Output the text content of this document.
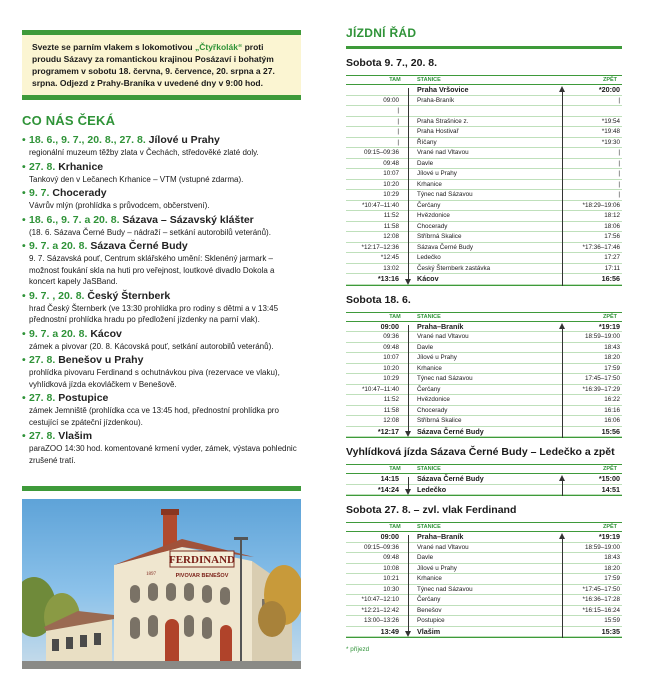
Svezte se parním vlakem s lokomotivou „Čtyřkolák“ proti proudu Sázavy za romantickou krajinou Posázaví i bohatým programem v sobotu 18. června, 9. července, 20. srpna a 27. srpna. Odjezd z Prahy-Braníka v uvedené dny v 9:00 hod.
CO NÁS ČEKÁ
• 18. 6., 9. 7., 20. 8., 27. 8. Jílové u Prahy
regionální muzeum těžby zlata v Čechách, středověké zlaté doly.
• 27. 8. Krhanice
Tankový den v Lečanech Krhanice – VTM (vstupné zdarma).
• 9. 7. Chocerady
Vávrův mlýn (prohlídka s průvodcem, občerstvení).
• 18. 6., 9. 7. a 20. 8. Sázava – Sázavský klášter
(18. 6. Sázava Černé Budy – nádraží – setkání autorobilů veteránů).
• 9. 7. a 20. 8. Sázava Černé Budy
9. 7. Sázavská pouť, Centrum sklářského umění: Sklenéný jarmark – možnost foukání skla na huti pro veřejnost, loutkové divadlo Dokola a koncert kapely JaSBand.
• 9. 7. , 20. 8. Český Šternberk
hrad Český Šternberk (ve 13:30 prohlídka pro rodiny s dětmi a v 13:45 přednostní prohlídka hradu po předložení jízdenky na parní vlak).
• 9. 7. a 20. 8. Kácov
zámek a pivovar (20. 8. Kácovská pouť, setkání autorobilů veteránů).
• 27. 8. Benešov u Prahy
prohlídka pivovaru Ferdinand s ochutnávkou piva (rezervace ve vlaku), vyhlídková jízda ekovláčkem v Benešově.
• 27. 8. Postupice
zámek Jemniště (prohlídka cca ve 13:45 hod, přednostní prohlídka pro cestující se zpáteční jízdenkou).
• 27. 8. Vlašim
paraZOO 14:30 hod. komentované krmení vyder, zámek, výstava pohlednic zrušené tratí.
FERDINAND
PIVOVAR BENEŠOV
1897
JÍZDNÍ ŘÁD
Sobota 9. 7., 20. 8.
TAM	STANICE	ZPĚT
Praha Vršovice	*20:00
09:00	Praha-Braník	|
|
|	Praha Strašnice z.	*19:54
|	Praha Hostivař	*19:48
|	Říčany	*19:30
09:15–09:36	Vrané nad Vltavou	|
09:48	Davle	|
10:07	Jílové u Prahy	|
10:20	Krhanice	|
10:29	Týnec nad Sázavou	|
*10:47–11:40	Čerčany	*18:29–19:06
11:52	Hvězdonice	18:12
11:58	Chocerady	18:06
12:08	Stříbrná Skalice	17:56
*12:17–12:36	Sázava Černé Budy	*17:36–17:46
*12:45	Ledečko	17:27
13:02	Český Šternberk zastávka	17:11
*13:16	Kácov	16:56
Sobota 18. 6.
TAM	STANICE	ZPĚT
09:00	Praha–Braník	*19:19
09:36	Vrané nad Vltavou	18:59–19:00
09:48	Davle	18:43
10:07	Jílové u Prahy	18:20
10:20	Krhanice	17:59
10:29	Týnec nad Sázavou	17:45–17:50
*10:47–11:40	Čerčany	*16:39–17:29
11:52	Hvězdonice	16:22
11:58	Chocerady	16:16
12:08	Stříbrná Skalice	16:06
*12:17	Sázava Černé Budy	15:56
Vyhlídková jízda Sázava Černé Budy – Ledečko a zpět
TAM	STANICE	ZPĚT
14:15	Sázava Černé Budy	*15:00
*14:24	Ledečko	14:51
Sobota 27. 8. – zvl. vlak Ferdinand
TAM	STANICE	ZPĚT
09:00	Praha–Braník	*19:19
09:15–09:36	Vrané nad Vltavou	18:59–19:00
09:48	Davle	18:43
10:08	Jílové u Prahy	18:20
10:21	Krhanice	17:59
10:30	Týnec nad Sázavou	*17:45–17:50
*10:47–12:10	Čerčany	*16:36–17:28
*12:21–12:42	Benešov	*16:15–16:24
13:00–13:26	Postupice	15:59
13:49	Vlašim	15:35
* příjezd
